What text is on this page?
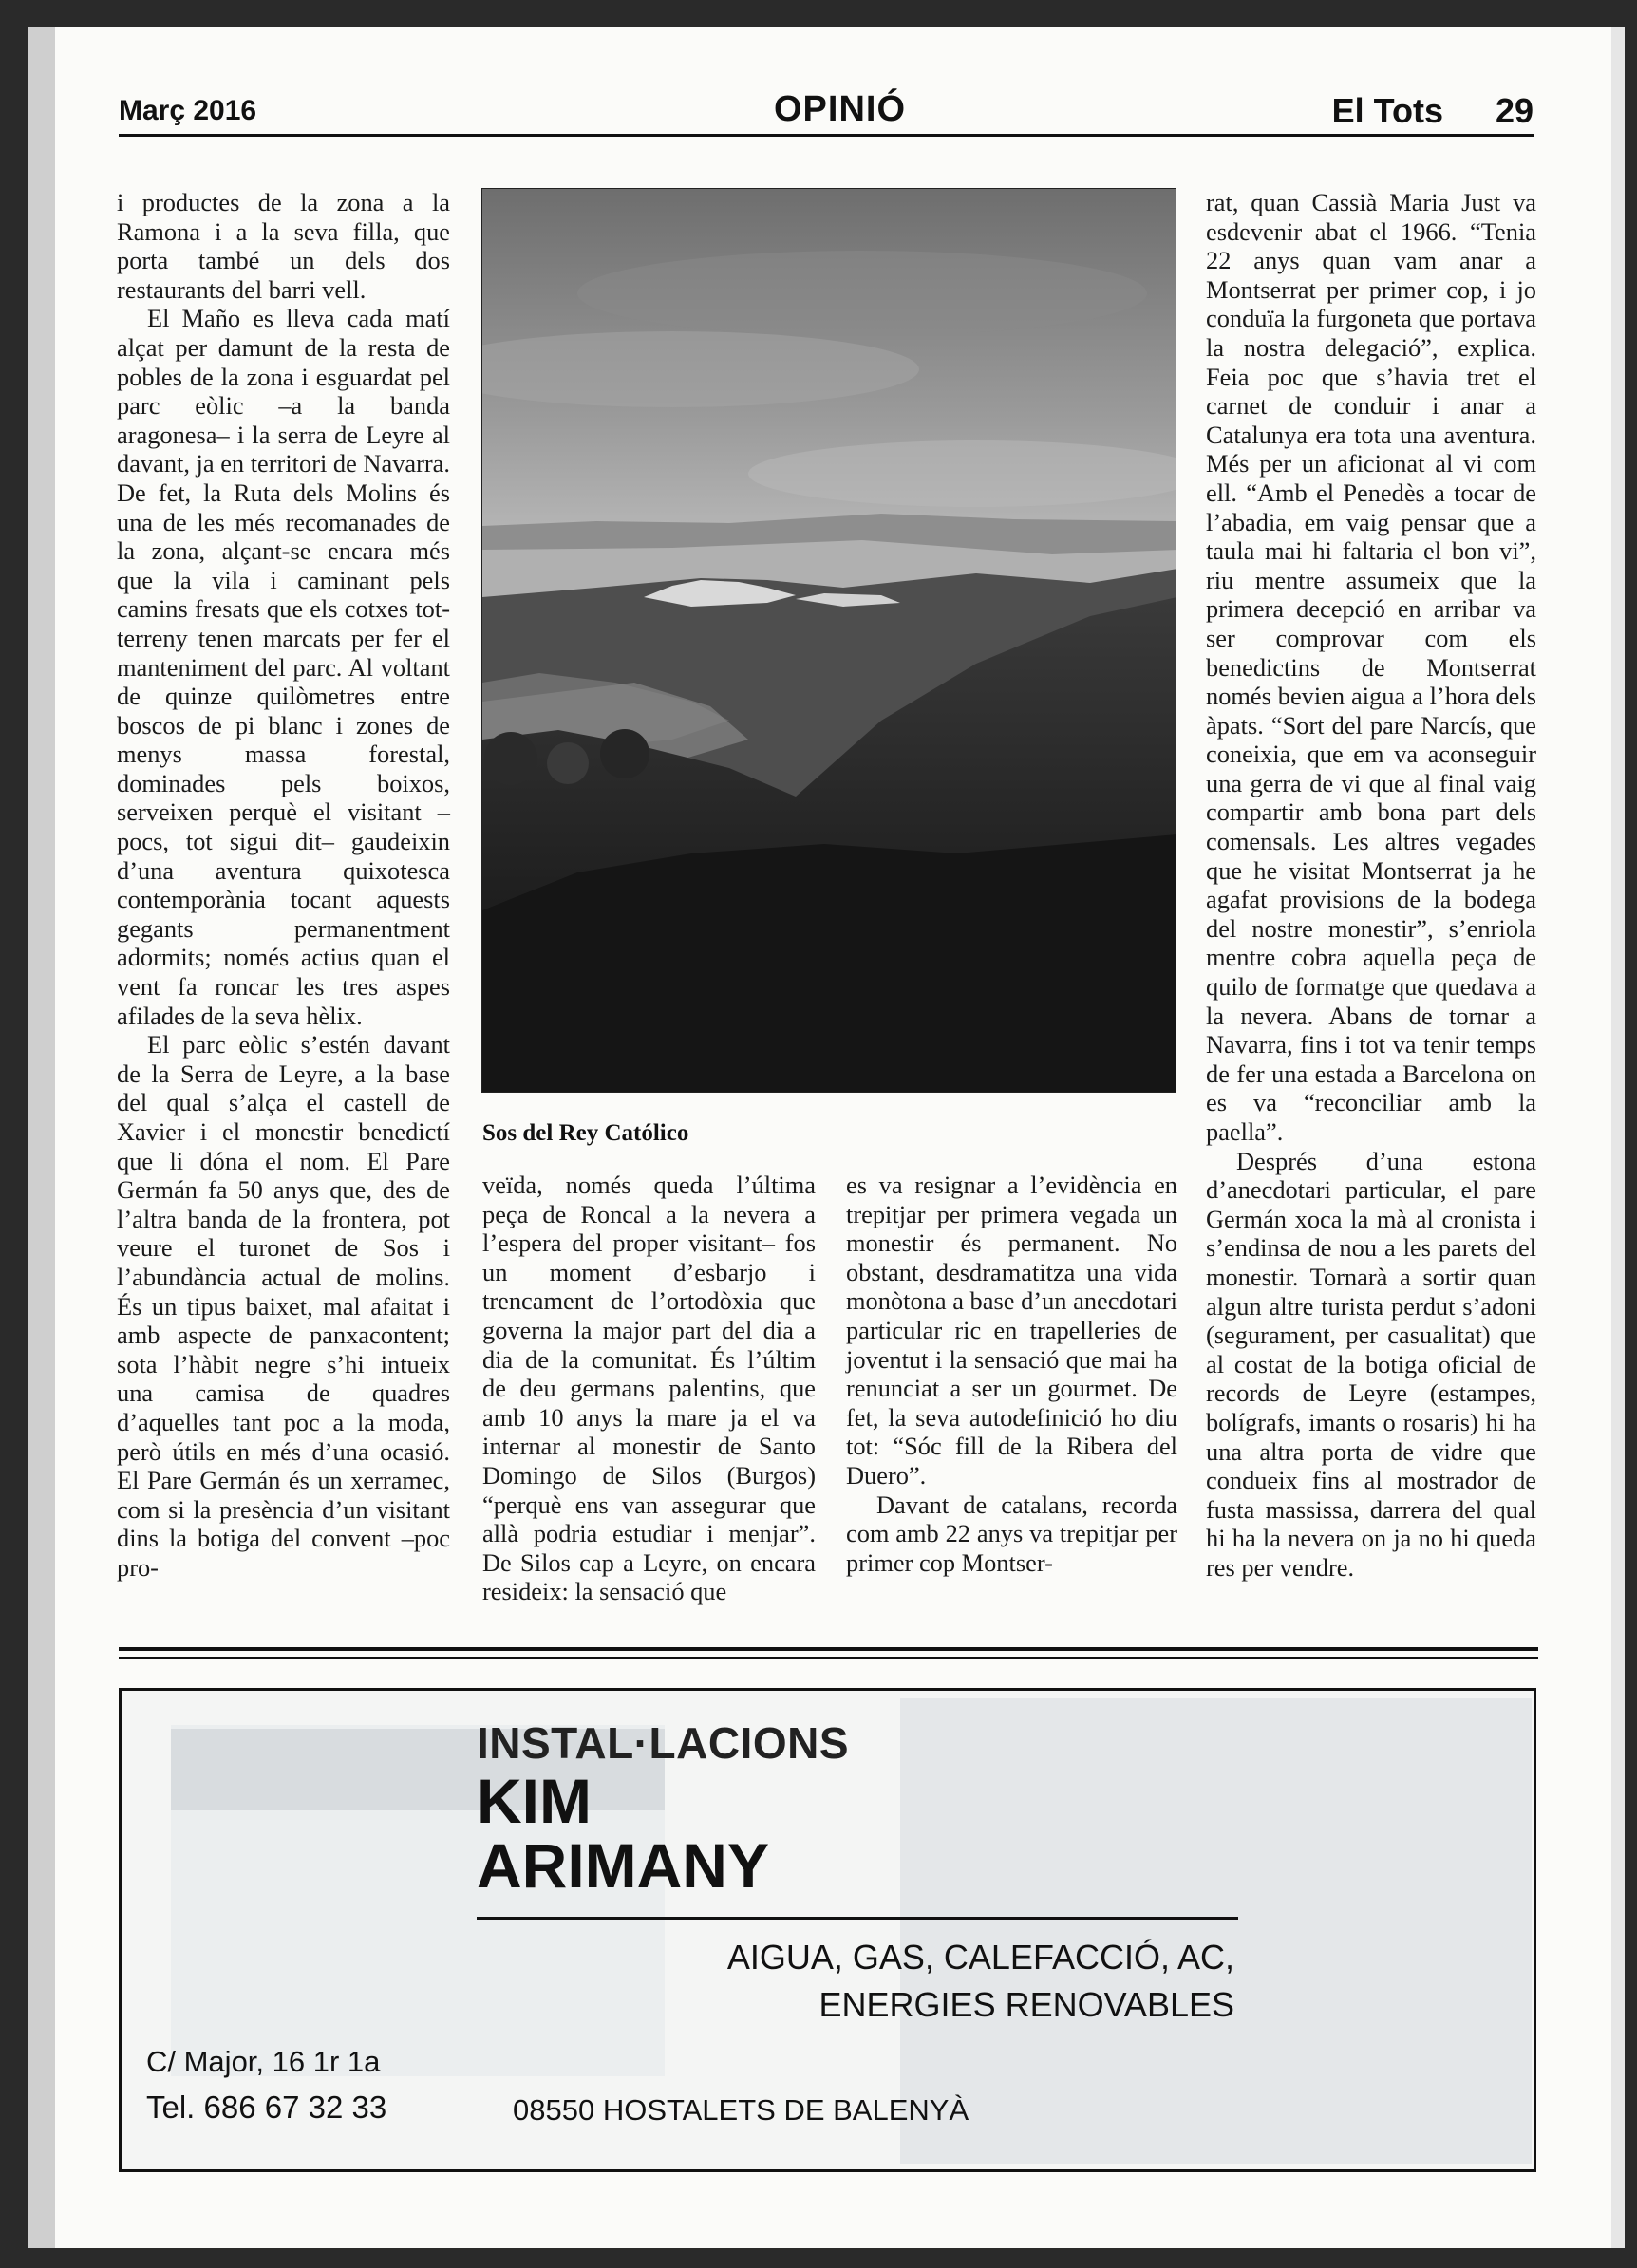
Març 2016	OPINIÓ	El Tots 29

i productes de la zona a la Ramona i a la seva filla, que porta també un dels dos restaurants del barri vell.

El Maño es lleva cada matí alçat per damunt de la resta de pobles de la zona i esguardat pel parc eòlic –a la banda aragonesa– i la serra de Leyre al davant, ja en territori de Navarra. De fet, la Ruta dels Molins és una de les més recomanades de la zona, alçant-se encara més que la vila i caminant pels camins fresats que els cotxes tot-terreny tenen marcats per fer el manteniment del parc. Al voltant de quinze quilòmetres entre boscos de pi blanc i zones de menys massa forestal, dominades pels boixos, serveixen perquè el visitant –pocs, tot sigui dit– gaudeixin d’una aventura quixotesca contemporània tocant aquests gegants permanentment adormits; només actius quan el vent fa roncar les tres aspes afilades de la seva hèlix.

El parc eòlic s’estén davant de la Serra de Leyre, a la base del qual s’alça el castell de Xavier i el monestir benedictí que li dóna el nom. El Pare Germán fa 50 anys que, des de l’altra banda de la frontera, pot veure el turonet de Sos i l’abundància actual de molins. És un tipus baixet, mal afaitat i amb aspecte de panxacontent; sota l’hàbit negre s’hi intueix una camisa de quadres d’aquelles tant poc a la moda, però útils en més d’una ocasió. El Pare Germán és un xerramec, com si la presència d’un visitant dins la botiga del convent –poc pro-

Sos del Rey Católico

veïda, només queda l’última peça de Roncal a la nevera a l’espera del proper visitant– fos un moment d’esbarjo i trencament de l’ortodòxia que governa la major part del dia a dia de la comunitat. És l’últim de deu germans palentins, que amb 10 anys la mare ja el va internar al monestir de Santo Domingo de Silos (Burgos) “perquè ens van assegurar que allà podria estudiar i menjar”. De Silos cap a Leyre, on encara resideix: la sensació que

es va resignar a l’evidència en trepitjar per primera vegada un monestir és permanent. No obstant, desdramatitza una vida monòtona a base d’un anecdotari particular ric en trapelleries de joventut i la sensació que mai ha renunciat a ser un gourmet. De fet, la seva autodefinició ho diu tot: “Sóc fill de la Ribera del Duero”.

Davant de catalans, recorda com amb 22 anys va trepitjar per primer cop Montser-

rat, quan Cassià Maria Just va esdevenir abat el 1966. “Tenia 22 anys quan vam anar a Montserrat per primer cop, i jo conduïa la furgoneta que portava la nostra delegació”, explica. Feia poc que s’havia tret el carnet de conduir i anar a Catalunya era tota una aventura. Més per un aficionat al vi com ell. “Amb el Penedès a tocar de l’abadia, em vaig pensar que a taula mai hi faltaria el bon vi”, riu mentre assumeix que la primera decepció en arribar va ser comprovar com els benedictins de Montserrat només bevien aigua a l’hora dels àpats. “Sort del pare Narcís, que coneixia, que em va aconseguir una gerra de vi que al final vaig compartir amb bona part dels comensals. Les altres vegades que he visitat Montserrat ja he agafat provisions de la bodega del nostre monestir”, s’enriola mentre cobra aquella peça de quilo de formatge que quedava a la nevera. Abans de tornar a Navarra, fins i tot va tenir temps de fer una estada a Barcelona on es va “reconciliar amb la paella”.

Després d’una estona d’anecdotari particular, el pare Germán xoca la mà al cronista i s’endinsa de nou a les parets del monestir. Tornarà a sortir quan algun altre turista perdut s’adoni (segurament, per casualitat) que al costat de la botiga oficial de records de Leyre (estampes, bolígrafs, imants o rosaris) hi ha una altra porta de vidre que condueix fins al mostrador de fusta massissa, darrera del qual hi ha la nevera on ja no hi queda res per vendre.

INSTAL·LACIONS
KIM
ARIMANY
AIGUA, GAS, CALEFACCIÓ, AC,
ENERGIES RENOVABLES
C/ Major, 16 1r 1a
Tel. 686 67 32 33	08550 HOSTALETS DE BALENYÀ
